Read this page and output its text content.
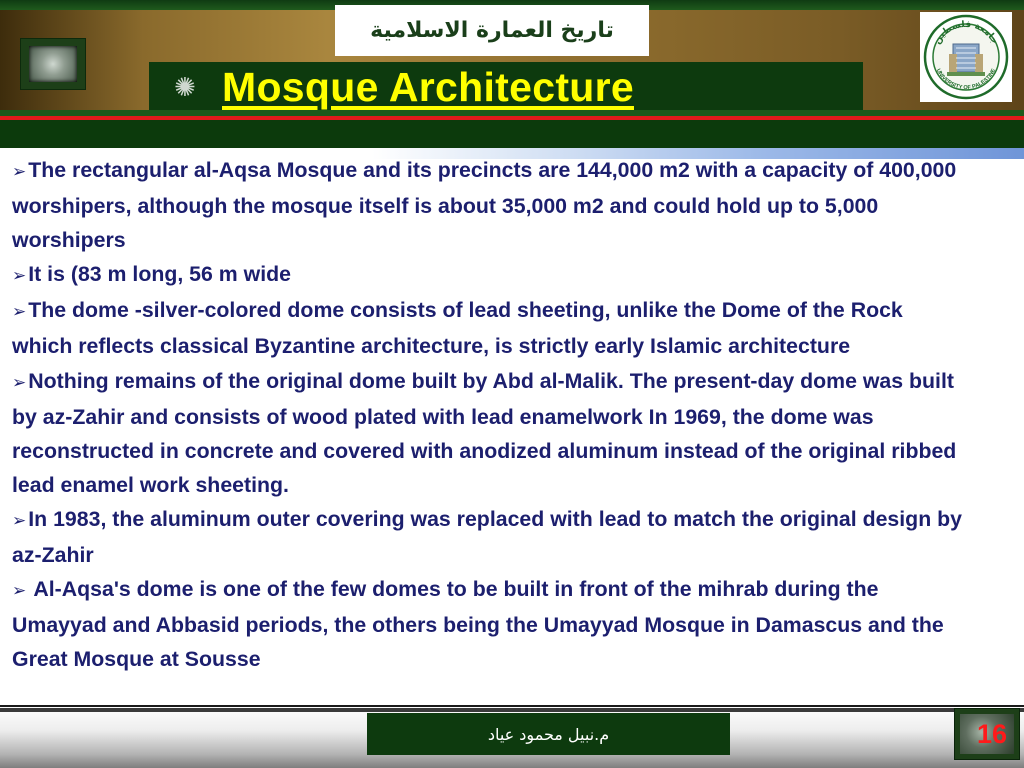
تاريخ العمارة الاسلامية	جامعة فلسطين
UNIVERSITY OF PALESTINE
✺ Mosque Architecture

➢The rectangular al-Aqsa Mosque and its precincts are 144,000 m2 with a capacity of 400,000 worshipers, although the mosque itself is about 35,000 m2 and could hold up to 5,000 worshipers

➢It is (83 m long, 56 m wide

➢The dome -silver-colored dome consists of lead sheeting, unlike the Dome of the Rock which reflects classical Byzantine architecture, is strictly early Islamic architecture

➢Nothing remains of the original dome built by Abd al-Malik. The present-day dome was built by az-Zahir and consists of wood plated with lead enamelwork In 1969, the dome was reconstructed in concrete and covered with anodized aluminum instead of the original ribbed lead enamel work sheeting.

➢In 1983, the aluminum outer covering was replaced with lead to match the original design by az-Zahir

➢ Al-Aqsa's dome is one of the few domes to be built in front of the mihrab during the Umayyad and Abbasid periods, the others being the Umayyad Mosque in Damascus and the Great Mosque at Sousse

م.نبيل محمود عياد	16
